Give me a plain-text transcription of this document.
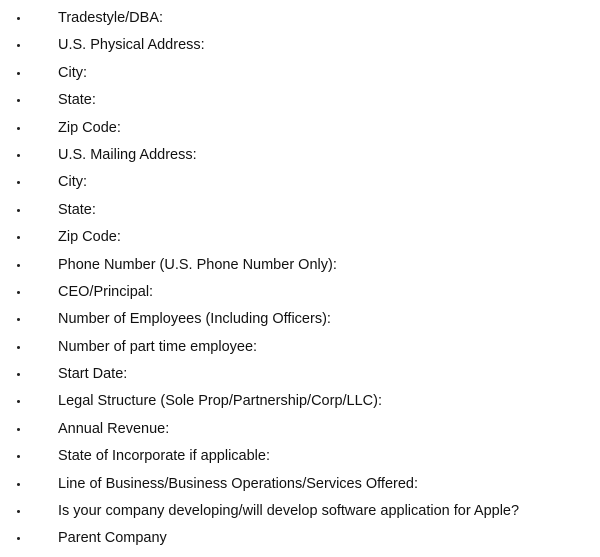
Tradestyle/DBA:
U.S. Physical Address:
City:
State:
Zip Code:
U.S. Mailing Address:
City:
State:
Zip Code:
Phone Number (U.S. Phone Number Only):
CEO/Principal:
Number of Employees (Including Officers):
Number of part time employee:
Start Date:
Legal Structure (Sole Prop/Partnership/Corp/LLC):
Annual Revenue:
State of Incorporate if applicable:
Line of Business/Business Operations/Services Offered:
Is your company developing/will develop software application for Apple?
Parent Company
